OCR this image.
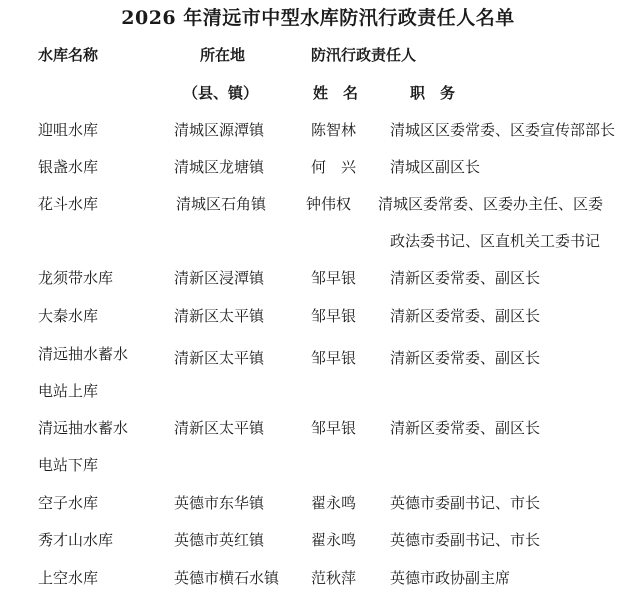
2026 年清远市中型水库防汛行政责任人名单
水库名称	所在地	防汛行政责任人
（县、镇）	姓　名	职　务
迎咀水库	清城区源潭镇	陈智林 清城区区委常委、区委宣传部部长
银盏水库	清城区龙塘镇	何　兴 清城区副区长
花斗水库	清城区石角镇	钟伟权 清城区委常委、区委办主任、区委
政法委书记、区直机关工委书记
龙须带水库	清新区浸潭镇	邹早银 清新区委常委、副区长
大秦水库	清新区太平镇	邹早银 清新区委常委、副区长
清远抽水蓄水
电站上库
清新区太平镇	邹早银 清新区委常委、副区长
清远抽水蓄水
电站下库
清新区太平镇	邹早银 清新区委常委、副区长
空子水库	英德市东华镇	翟永鸣 英德市委副书记、市长
秀才山水库	英德市英红镇	翟永鸣 英德市委副书记、市长
上空水库	英德市横石水镇 范秋萍 英德市政协副主席
